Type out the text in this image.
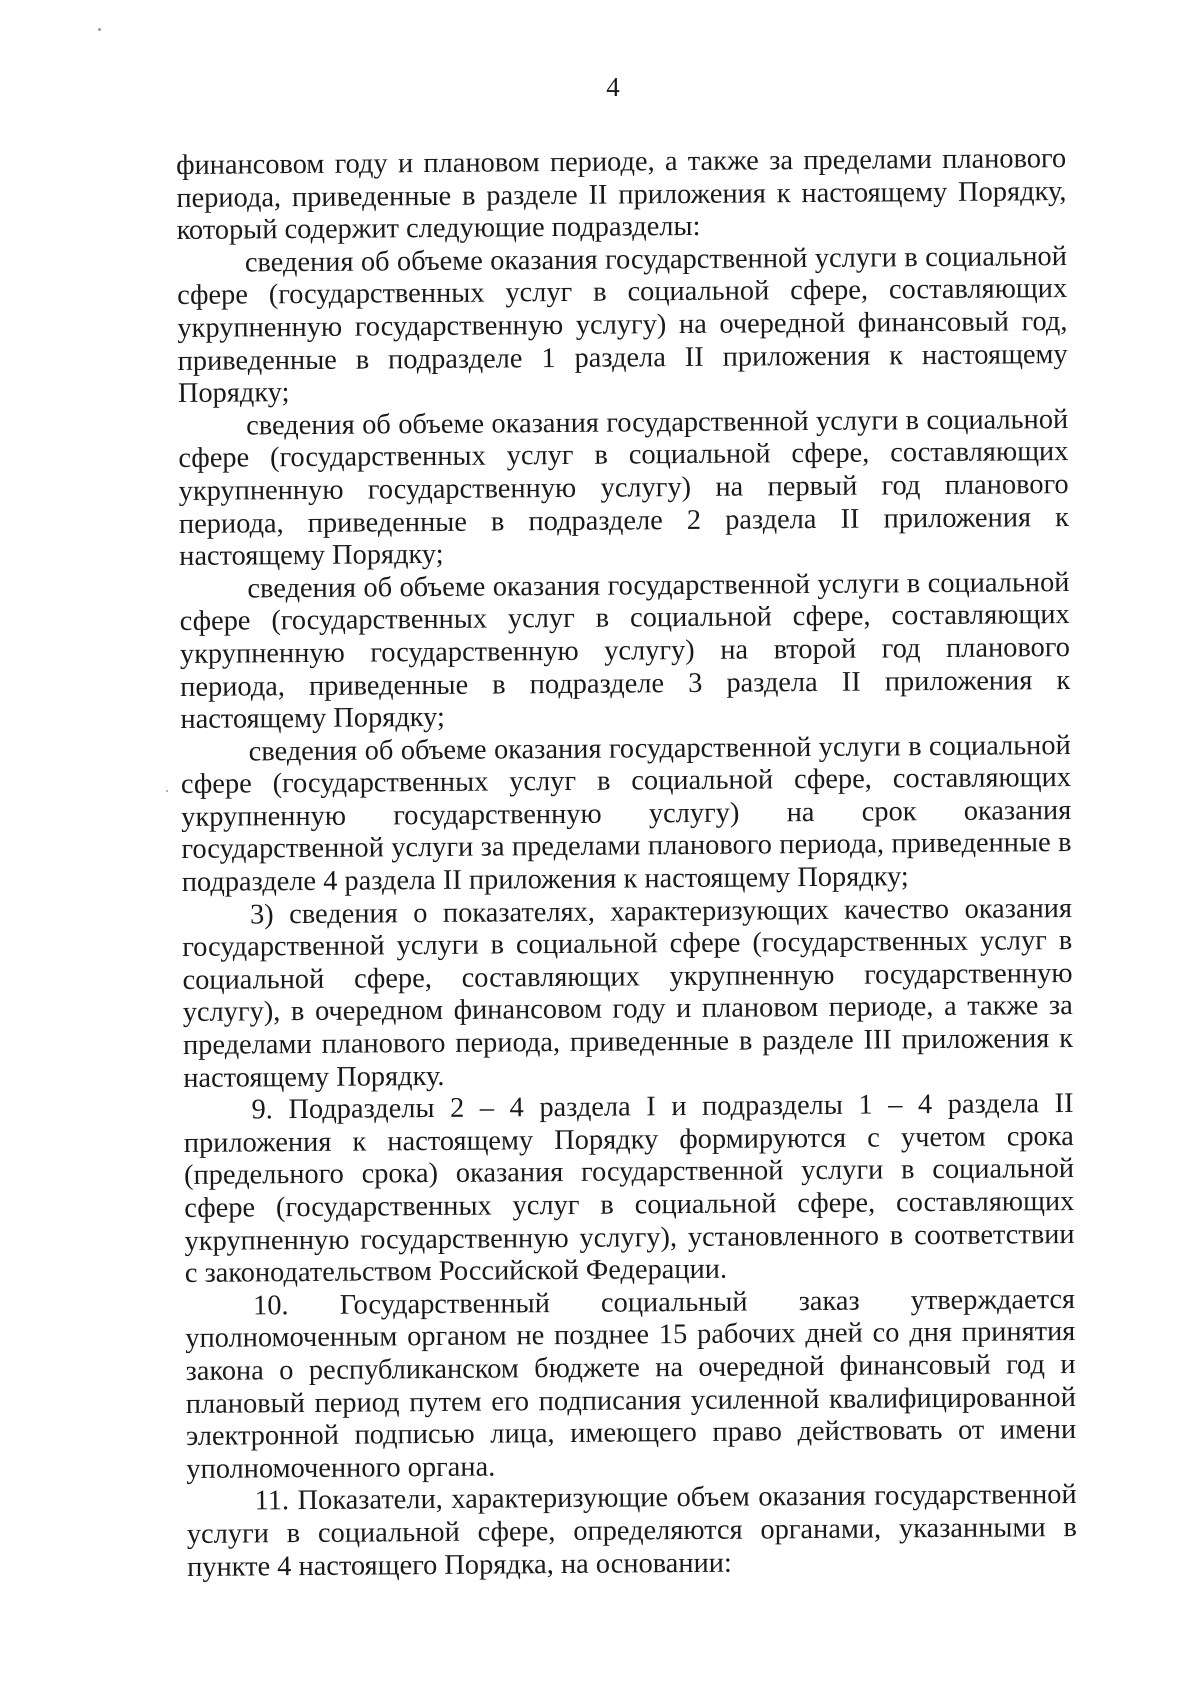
4

финансовом году и плановом периоде, а также за пределами планового периода, приведенные в разделе II приложения к настоящему Порядку, который содержит следующие подразделы:

сведения об объеме оказания государственной услуги в социальной сфере (государственных услуг в социальной сфере, составляющих укрупненную государственную услугу) на очередной финансовый год, приведенные в подразделе 1 раздела II приложения к настоящему Порядку;

сведения об объеме оказания государственной услуги в социальной сфере (государственных услуг в социальной сфере, составляющих укрупненную государственную услугу) на первый год планового периода, приведенные в подразделе 2 раздела II приложения к настоящему Порядку;

сведения об объеме оказания государственной услуги в социальной сфере (государственных услуг в социальной сфере, составляющих укрупненную государственную услугу) на второй год планового периода, приведенные в подразделе 3 раздела II приложения к настоящему Порядку;

сведения об объеме оказания государственной услуги в социальной сфере (государственных услуг в социальной сфере, составляющих укрупненную государственную услугу) на срок оказания государственной услуги за пределами планового периода, приведенные в подразделе 4 раздела II приложения к настоящему Порядку;

3) сведения о показателях, характеризующих качество оказания государственной услуги в социальной сфере (государственных услуг в социальной сфере, составляющих укрупненную государственную услугу), в очередном финансовом году и плановом периоде, а также за пределами планового периода, приведенные в разделе III приложения к настоящему Порядку.

9. Подразделы 2 – 4 раздела I и подразделы 1 – 4 раздела II приложения к настоящему Порядку формируются с учетом срока (предельного срока) оказания государственной услуги в социальной сфере (государственных услуг в социальной сфере, составляющих укрупненную государственную услугу), установленного в соответствии с законодательством Российской Федерации.

10. Государственный социальный заказ утверждается уполномоченным органом не позднее 15 рабочих дней со дня принятия закона о республиканском бюджете на очередной финансовый год и плановый период путем его подписания усиленной квалифицированной электронной подписью лица, имеющего право действовать от имени уполномоченного органа.

11. Показатели, характеризующие объем оказания государственной услуги в социальной сфере, определяются органами, указанными в пункте 4 настоящего Порядка, на основании:
